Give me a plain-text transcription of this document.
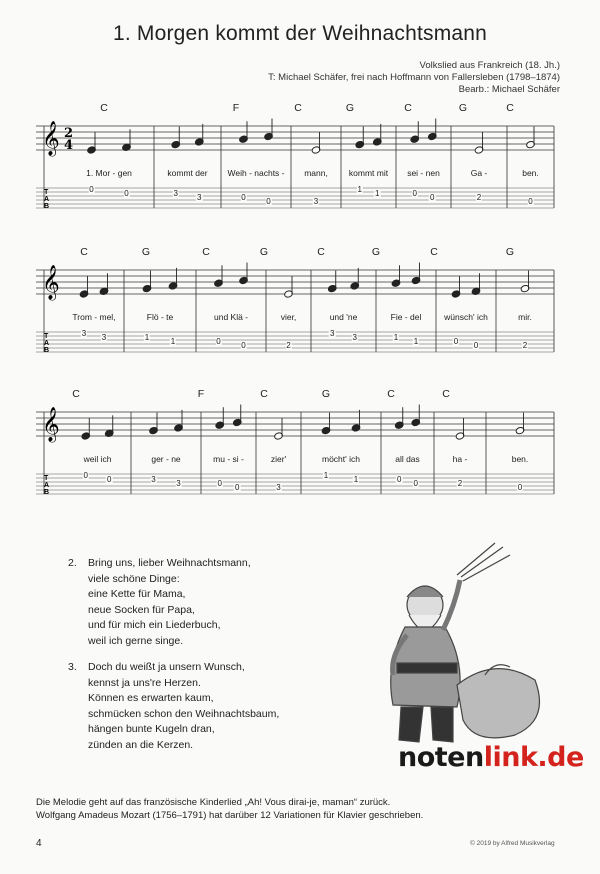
1. Morgen kommt der Weihnachtsmann
Volkslied aus Frankreich (18. Jh.)
T: Michael Schäfer, frei nach Hoffmann von Fallersleben (1798–1874)
Bearb.: Michael Schäfer
𝄞 2
4
T
A
B
0	0
1. Mor - gen
3 3
kommt der
0	0
Weih - nachts -
3
mann,
1 1
kommt mit
0 0
sei - nen
2
Ga -
0
ben.
C	F	C	G	C	G	C
𝄞
T
A
B
3 3
Trom - mel,
1	1
Flö - te
0	0
und Klä -
2
vier,
3 3
und 'ne
1 1
Fie - del
0 0
wünsch' ich
2
mir.
C	G	C	G	C	G	C	G
𝄞
T
A
B
0 0
weil ich
3	3
ger - ne
0 0
mu - si -
3
zier'
1	1
möcht' ich
0 0
all das
2
ha -
0
ben.
C	F	C	G	C	C
2.	Bring uns, lieber Weihnachtsmann,
viele schöne Dinge:
eine Kette für Mama,
neue Socken für Papa,
und für mich ein Liederbuch,
weil ich gerne singe.
3.	Doch du weißt ja unsern Wunsch,
kennst ja uns're Herzen.
Können es erwarten kaum,
schmücken schon den Weihnachtsbaum,
hängen bunte Kugeln dran,
zünden an die Kerzen.	notenlink.de
Die Melodie geht auf das französische Kinderlied „Ah! Vous dirai-je, maman“ zurück.
Wolfgang Amadeus Mozart (1756–1791) hat darüber 12 Variationen für Klavier geschrieben.
4	© 2019 by Alfred Musikverlag
